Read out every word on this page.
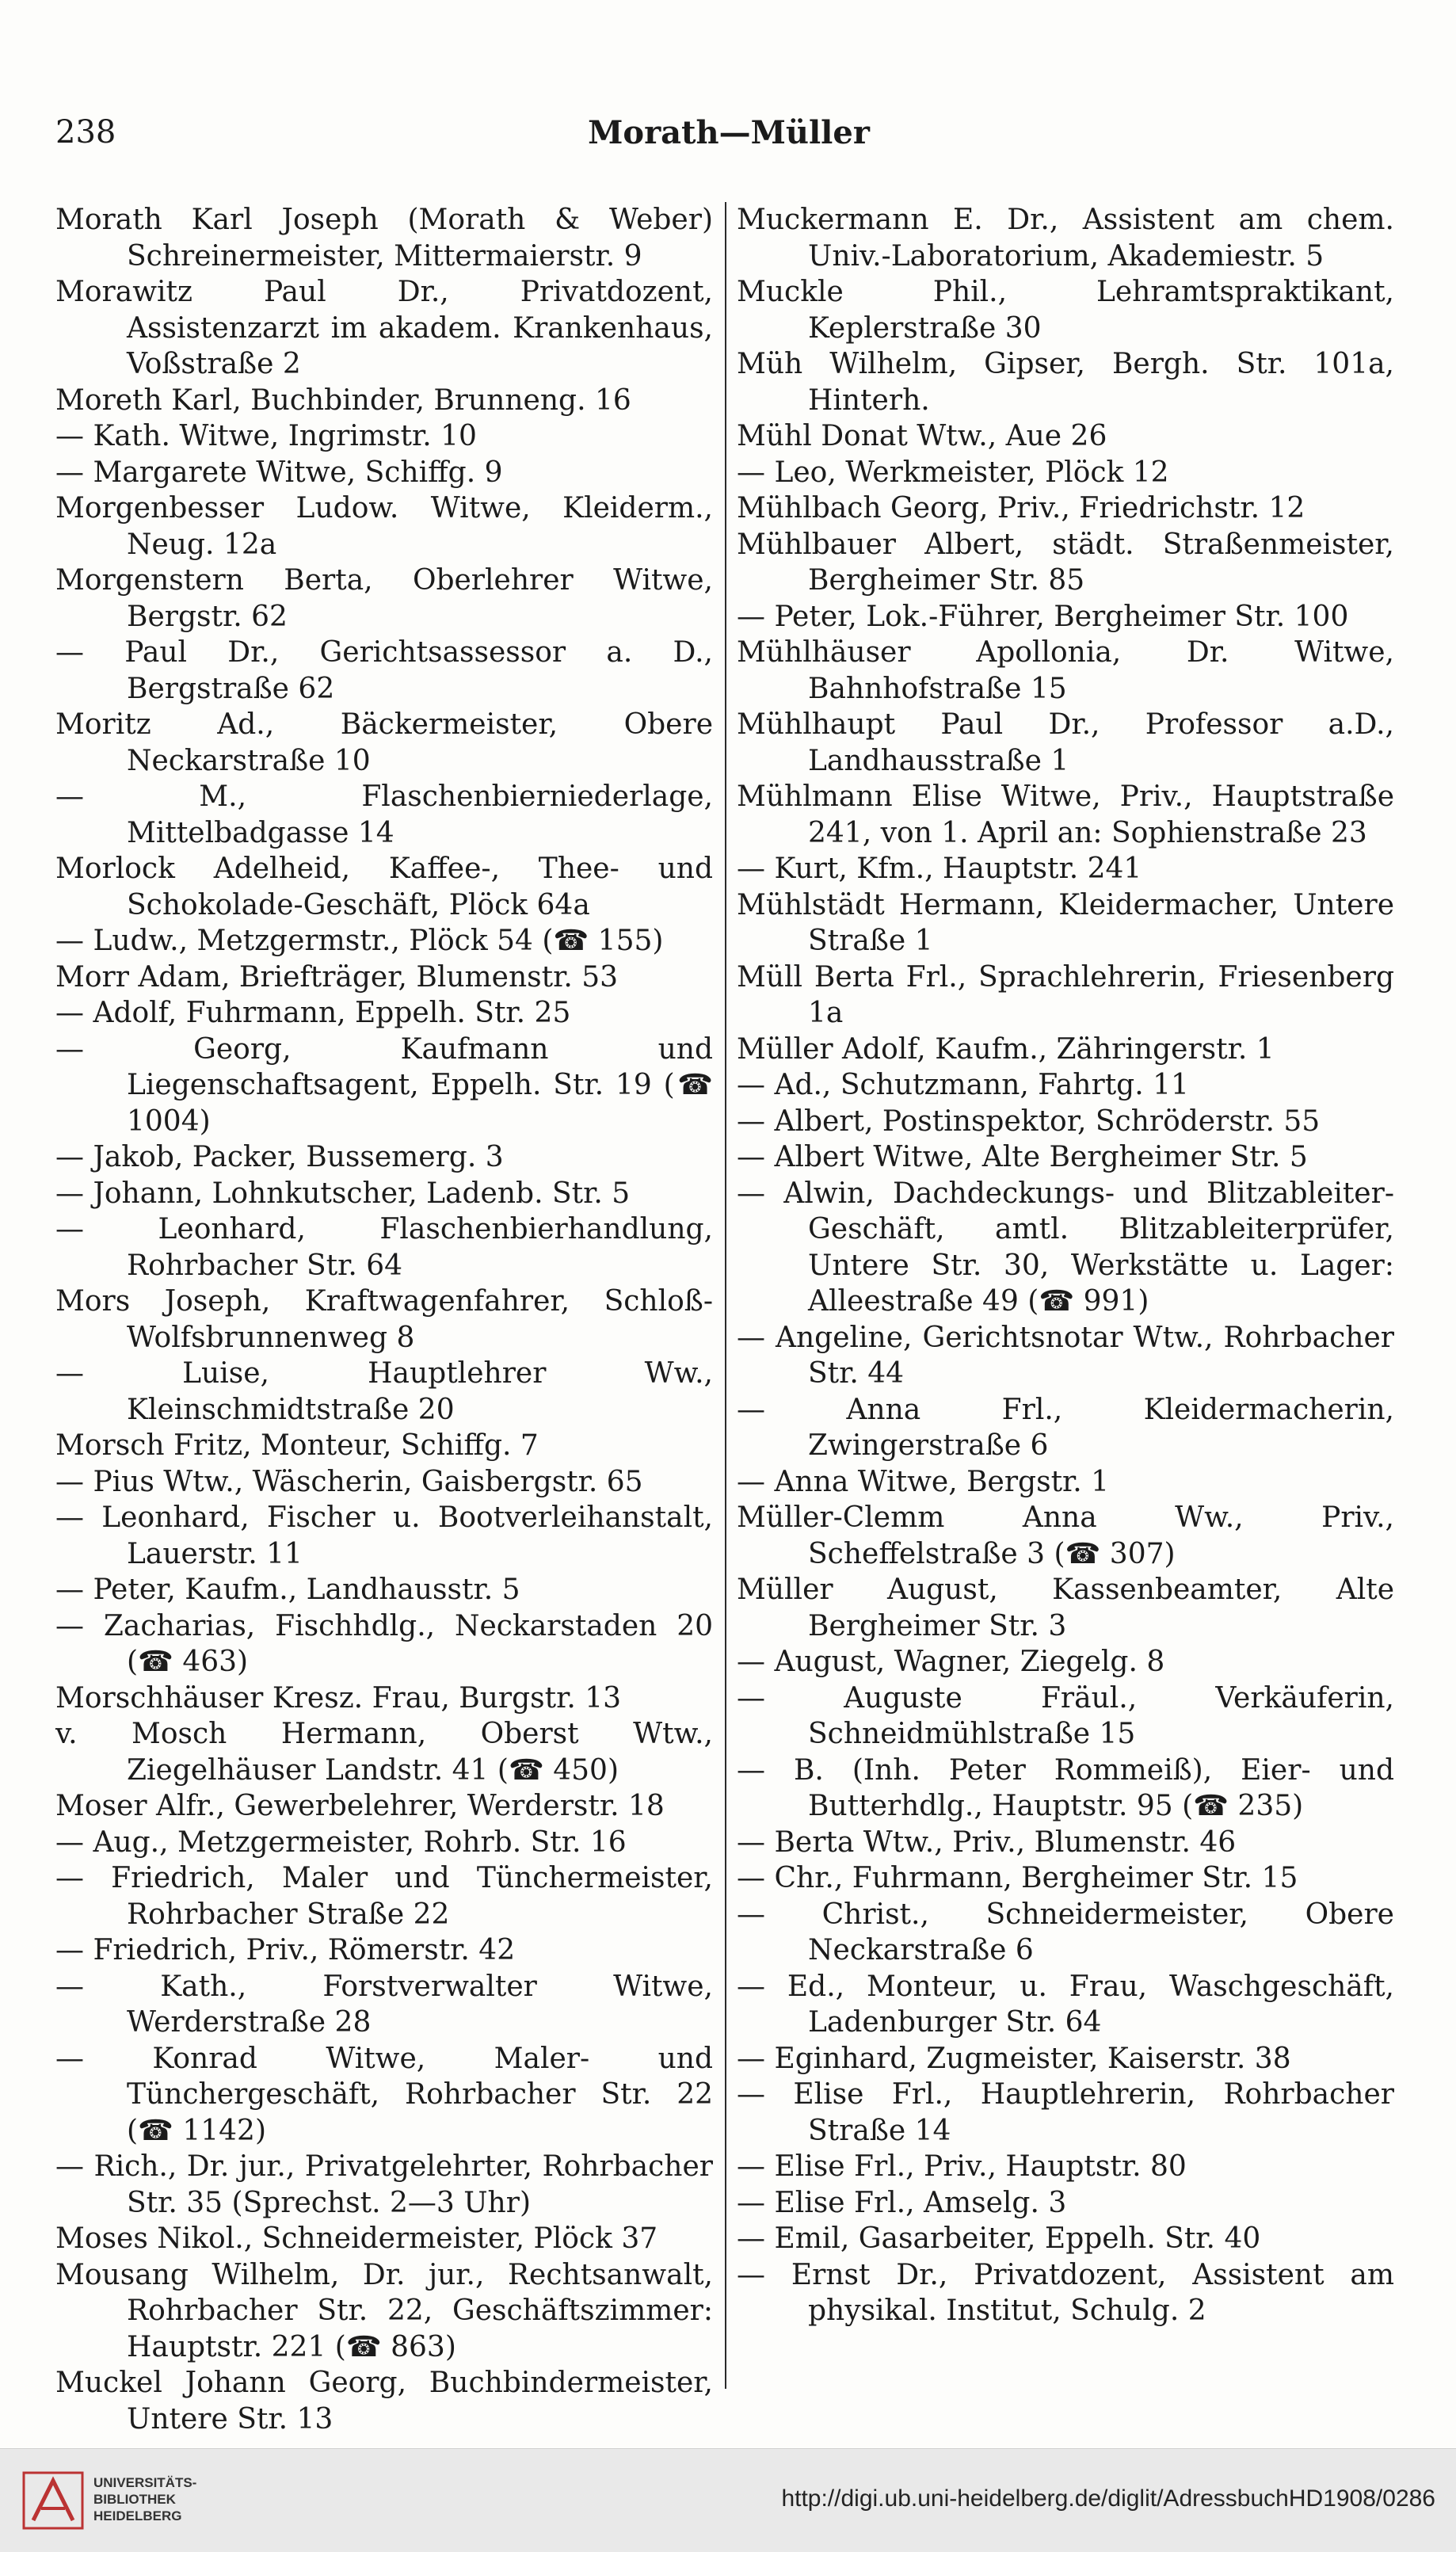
238	Morath—Müller

Morath Karl Joseph (Morath & Weber) Schreinermeister, Mittermaierstr. 9

Morawitz Paul Dr., Privatdozent, Assistenzarzt im akadem. Krankenhaus, Voßstraße 2

Moreth Karl, Buchbinder, Brunneng. 16

— Kath. Witwe, Ingrimstr. 10

— Margarete Witwe, Schiffg. 9

Morgenbesser Ludow. Witwe, Kleiderm., Neug. 12a

Morgenstern Berta, Oberlehrer Witwe, Bergstr. 62

— Paul Dr., Gerichtsassessor a. D., Bergstraße 62

Moritz Ad., Bäckermeister, Obere Neckarstraße 10

— M., Flaschenbierniederlage, Mittelbadgasse 14

Morlock Adelheid, Kaffee-, Thee- und Schokolade-Geschäft, Plöck 64a

— Ludw., Metzgermstr., Plöck 54 (☎ 155)

Morr Adam, Briefträger, Blumenstr. 53

— Adolf, Fuhrmann, Eppelh. Str. 25

— Georg, Kaufmann und Liegenschaftsagent, Eppelh. Str. 19 (☎ 1004)

— Jakob, Packer, Bussemerg. 3

— Johann, Lohnkutscher, Ladenb. Str. 5

— Leonhard, Flaschenbierhandlung, Rohrbacher Str. 64

Mors Joseph, Kraftwagenfahrer, Schloß-Wolfsbrunnenweg 8

— Luise, Hauptlehrer Ww., Kleinschmidtstraße 20

Morsch Fritz, Monteur, Schiffg. 7

— Pius Wtw., Wäscherin, Gaisbergstr. 65

— Leonhard, Fischer u. Bootverleihanstalt, Lauerstr. 11

— Peter, Kaufm., Landhausstr. 5

— Zacharias, Fischhdlg., Neckarstaden 20 (☎ 463)

Morschhäuser Kresz. Frau, Burgstr. 13

v. Mosch Hermann, Oberst Wtw., Ziegelhäuser Landstr. 41 (☎ 450)

Moser Alfr., Gewerbelehrer, Werderstr. 18

— Aug., Metzgermeister, Rohrb. Str. 16

— Friedrich, Maler und Tünchermeister, Rohrbacher Straße 22

— Friedrich, Priv., Römerstr. 42

— Kath., Forstverwalter Witwe, Werderstraße 28

— Konrad Witwe, Maler- und Tünchergeschäft, Rohrbacher Str. 22 (☎ 1142)

— Rich., Dr. jur., Privatgelehrter, Rohrbacher Str. 35 (Sprechst. 2—3 Uhr)

Moses Nikol., Schneidermeister, Plöck 37

Mousang Wilhelm, Dr. jur., Rechtsanwalt, Rohrbacher Str. 22, Geschäftszimmer: Hauptstr. 221 (☎ 863)

Muckel Johann Georg, Buchbindermeister, Untere Str. 13

Muckermann E. Dr., Assistent am chem. Univ.-Laboratorium, Akademiestr. 5

Muckle Phil., Lehramtspraktikant, Keplerstraße 30

Müh Wilhelm, Gipser, Bergh. Str. 101a, Hinterh.

Mühl Donat Wtw., Aue 26

— Leo, Werkmeister, Plöck 12

Mühlbach Georg, Priv., Friedrichstr. 12

Mühlbauer Albert, städt. Straßenmeister, Bergheimer Str. 85

— Peter, Lok.-Führer, Bergheimer Str. 100

Mühlhäuser Apollonia, Dr. Witwe, Bahnhofstraße 15

Mühlhaupt Paul Dr., Professor a.D., Landhausstraße 1

Mühlmann Elise Witwe, Priv., Hauptstraße 241, von 1. April an: Sophienstraße 23

— Kurt, Kfm., Hauptstr. 241

Mühlstädt Hermann, Kleidermacher, Untere Straße 1

Müll Berta Frl., Sprachlehrerin, Friesenberg 1a

Müller Adolf, Kaufm., Zähringerstr. 1

— Ad., Schutzmann, Fahrtg. 11

— Albert, Postinspektor, Schröderstr. 55

— Albert Witwe, Alte Bergheimer Str. 5

— Alwin, Dachdeckungs- und Blitzableiter-Geschäft, amtl. Blitzableiterprüfer, Untere Str. 30, Werkstätte u. Lager: Alleestraße 49 (☎ 991)

— Angeline, Gerichtsnotar Wtw., Rohrbacher Str. 44

— Anna Frl., Kleidermacherin, Zwingerstraße 6

— Anna Witwe, Bergstr. 1

Müller-Clemm Anna Ww., Priv., Scheffelstraße 3 (☎ 307)

Müller August, Kassenbeamter, Alte Bergheimer Str. 3

— August, Wagner, Ziegelg. 8

— Auguste Fräul., Verkäuferin, Schneidmühlstraße 15

— B. (Inh. Peter Rommeiß), Eier- und Butterhdlg., Hauptstr. 95 (☎ 235)

— Berta Wtw., Priv., Blumenstr. 46

— Chr., Fuhrmann, Bergheimer Str. 15

— Christ., Schneidermeister, Obere Neckarstraße 6

— Ed., Monteur, u. Frau, Waschgeschäft, Ladenburger Str. 64

— Eginhard, Zugmeister, Kaiserstr. 38

— Elise Frl., Hauptlehrerin, Rohrbacher Straße 14

— Elise Frl., Priv., Hauptstr. 80

— Elise Frl., Amselg. 3

— Emil, Gasarbeiter, Eppelh. Str. 40

— Ernst Dr., Privatdozent, Assistent am physikal. Institut, Schulg. 2

UNIVERSITÄTS-
BIBLIOTHEK
HEIDELBERG
http://digi.ub.uni-heidelberg.de/diglit/AdressbuchHD1908/0286
